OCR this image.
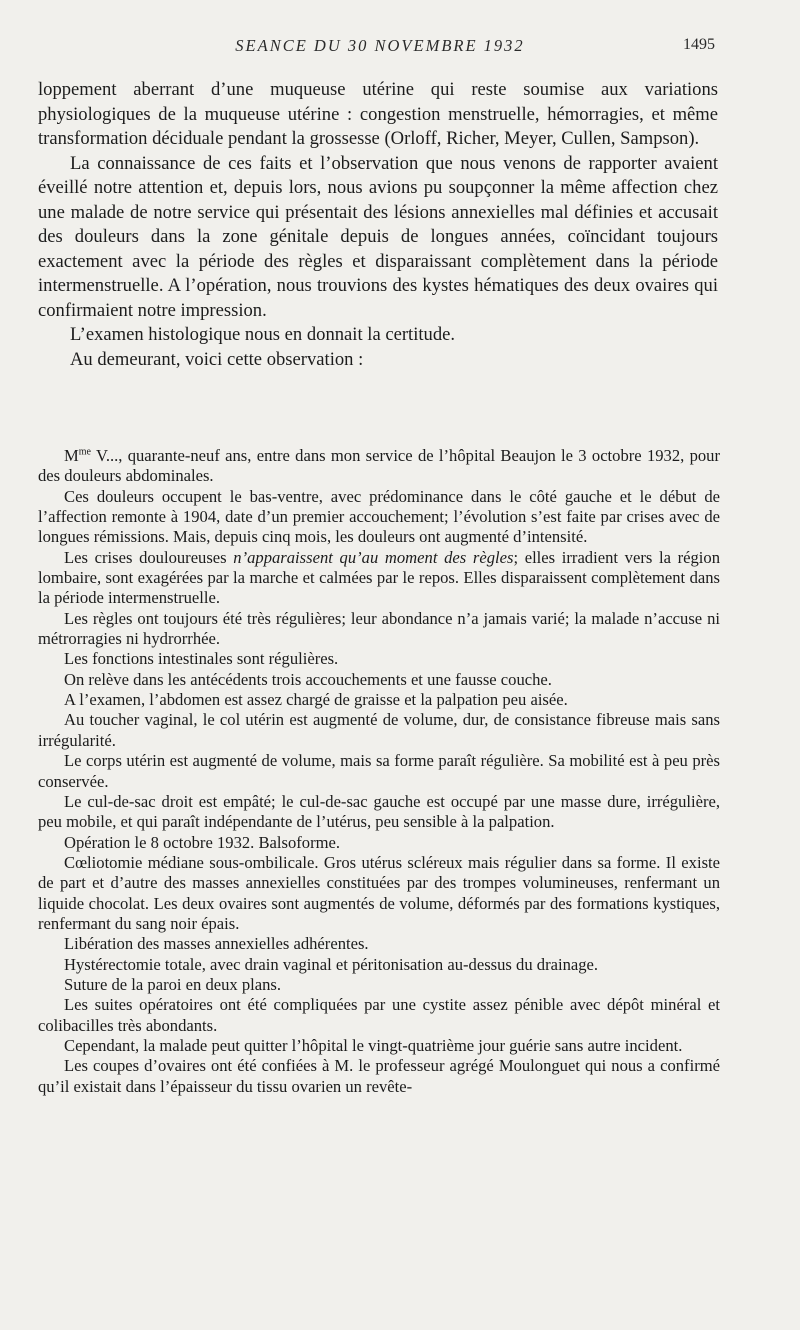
SEANCE DU 30 NOVEMBRE 1932	1495

loppement aberrant d’une muqueuse utérine qui reste soumise aux variations physiologiques de la muqueuse utérine : congestion menstruelle, hémorragies, et même transformation déciduale pendant la grossesse (Orloff, Richer, Meyer, Cullen, Sampson).

La connaissance de ces faits et l’observation que nous venons de rapporter avaient éveillé notre attention et, depuis lors, nous avions pu soupçonner la même affection chez une malade de notre service qui présentait des lésions annexielles mal définies et accusait des douleurs dans la zone génitale depuis de longues années, coïncidant toujours exactement avec la période des règles et disparaissant complètement dans la période intermenstruelle. A l’opération, nous trouvions des kystes hématiques des deux ovaires qui confirmaient notre impression.

L’examen histologique nous en donnait la certitude.

Au demeurant, voici cette observation :

$M^{me}$ V..., quarante-neuf ans, entre dans mon service de l’hôpital Beaujon le 3 octobre 1932, pour des douleurs abdominales.

Ces douleurs occupent le bas-ventre, avec prédominance dans le côté gauche et le début de l’affection remonte à 1904, date d’un premier accouchement; l’évolution s’est faite par crises avec de longues rémissions. Mais, depuis cinq mois, les douleurs ont augmenté d’intensité.

Les crises douloureuses n’apparaissent qu’au moment des règles; elles irradient vers la région lombaire, sont exagérées par la marche et calmées par le repos. Elles disparaissent complètement dans la période intermenstruelle.

Les règles ont toujours été très régulières; leur abondance n’a jamais varié; la malade n’accuse ni métrorragies ni hydrorrhée.

Les fonctions intestinales sont régulières.

On relève dans les antécédents trois accouchements et une fausse couche.

A l’examen, l’abdomen est assez chargé de graisse et la palpation peu aisée.

Au toucher vaginal, le col utérin est augmenté de volume, dur, de consistance fibreuse mais sans irrégularité.

Le corps utérin est augmenté de volume, mais sa forme paraît régulière. Sa mobilité est à peu près conservée.

Le cul-de-sac droit est empâté; le cul-de-sac gauche est occupé par une masse dure, irrégulière, peu mobile, et qui paraît indépendante de l’utérus, peu sensible à la palpation.

Opération le 8 octobre 1932. Balsoforme.

Cœliotomie médiane sous-ombilicale. Gros utérus scléreux mais régulier dans sa forme. Il existe de part et d’autre des masses annexielles constituées par des trompes volumineuses, renfermant un liquide chocolat. Les deux ovaires sont augmentés de volume, déformés par des formations kystiques, renfermant du sang noir épais.

Libération des masses annexielles adhérentes.

Hystérectomie totale, avec drain vaginal et péritonisation au-dessus du drainage.

Suture de la paroi en deux plans.

Les suites opératoires ont été compliquées par une cystite assez pénible avec dépôt minéral et colibacilles très abondants.

Cependant, la malade peut quitter l’hôpital le vingt-quatrième jour guérie sans autre incident.

Les coupes d’ovaires ont été confiées à M. le professeur agrégé Moulonguet qui nous a confirmé qu’il existait dans l’épaisseur du tissu ovarien un revête-
